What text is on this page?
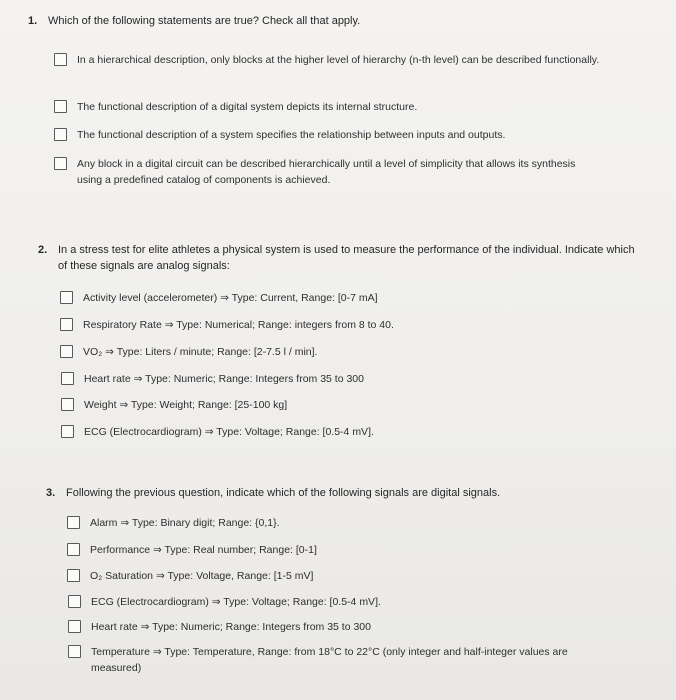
1. Which of the following statements are true? Check all that apply.
In a hierarchical description, only blocks at the higher level of hierarchy (n-th level) can be described functionally.
The functional description of a digital system depicts its internal structure.
The functional description of a system specifies the relationship between inputs and outputs.
Any block in a digital circuit can be described hierarchically until a level of simplicity that allows its synthesis using a predefined catalog of components is achieved.
2. In a stress test for elite athletes a physical system is used to measure the performance of the individual. Indicate which of these signals are analog signals:
Activity level (accelerometer) ⇒ Type: Current, Range: [0-7 mA]
Respiratory Rate ⇒ Type: Numerical; Range: integers from 8 to 40.
VO₂ ⇒ Type: Liters / minute; Range: [2-7.5 l / min].
Heart rate ⇒ Type: Numeric; Range: Integers from 35 to 300
Weight ⇒ Type: Weight; Range: [25-100 kg]
ECG (Electrocardiogram) ⇒ Type: Voltage; Range: [0.5-4 mV].
3. Following the previous question, indicate which of the following signals are digital signals.
Alarm ⇒ Type: Binary digit; Range: {0,1}.
Performance ⇒ Type: Real number; Range: [0-1]
O₂ Saturation ⇒ Type: Voltage, Range: [1-5 mV]
ECG (Electrocardiogram) ⇒ Type: Voltage; Range: [0.5-4 mV].
Heart rate ⇒ Type: Numeric; Range: Integers from 35 to 300
Temperature ⇒ Type: Temperature, Range: from 18°C to 22°C (only integer and half-integer values are measured)
